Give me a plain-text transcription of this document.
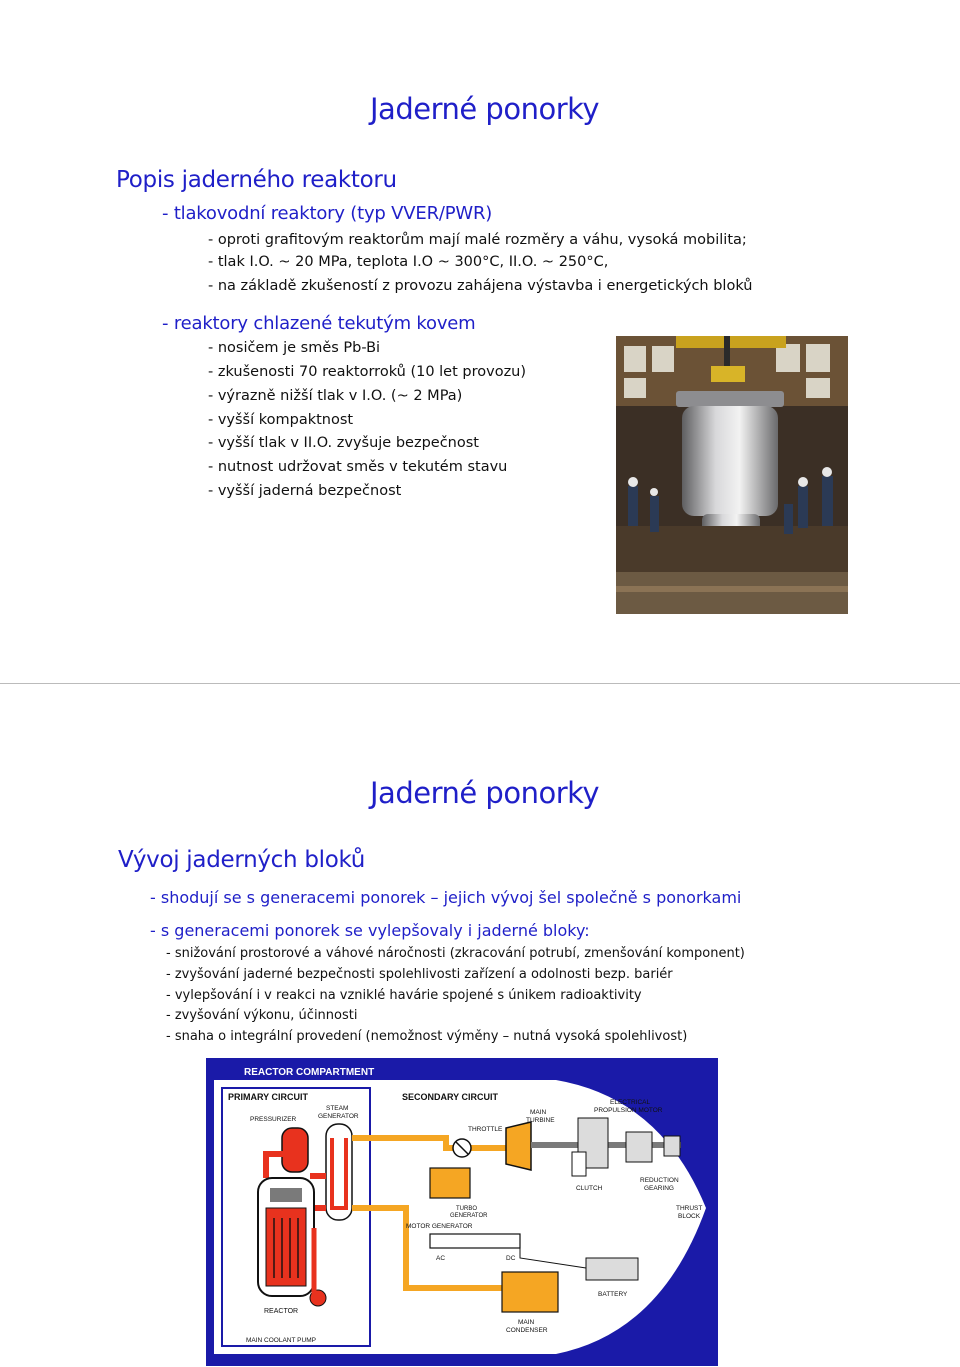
Jaderné ponorky
Popis jaderného reaktoru
- tlakovodní reaktory (typ VVER/PWR)
- oproti grafitovým reaktorům mají malé rozměry a váhu, vysoká mobilita;
- tlak I.O. ~ 20 MPa, teplota I.O ~ 300°C, II.O. ~ 250°C,
- na základě zkušeností z provozu zahájena výstavba i energetických bloků
- reaktory chlazené tekutým kovem
- nosičem je směs Pb-Bi
- zkušenosti 70 reaktorroků (10 let provozu)
- výrazně nižší tlak v I.O. (~ 2 MPa)
- vyšší kompaktnost
- vyšší tlak v II.O. zvyšuje bezpečnost
- nutnost udržovat směs v tekutém stavu
- vyšší jaderná bezpečnost
Jaderné ponorky
Vývoj jaderných bloků
- shodují se s generacemi ponorek – jejich vývoj šel společně s ponorkami
- s generacemi ponorek se vylepšovaly i jaderné bloky:
- snižování prostorové a váhové náročnosti (zkracování potrubí, zmenšování komponent)
- zvyšování jaderné bezpečnosti spolehlivosti zařízení a odolnosti bezp. bariér
- vylepšování i v reakci na vzniklé havárie spojené s únikem radioaktivity
- zvyšování výkonu, účinnosti
- snaha o integrální provedení (nemožnost výměny – nutná vysoká spolehlivost)
REACTOR COMPARTMENT
PRIMARY CIRCUIT
PRESSURIZER
STEAM
GENERATOR
REACTOR
MAIN COOLANT PUMP
SECONDARY CIRCUIT
THROTTLE
MAIN
TURBINE
TURBO
GENERATOR
MOTOR GENERATOR
AC	DC
MAIN
CONDENSER
ELECTRICAL
PROPULSION MOTOR
CLUTCH
REDUCTION
GEARING
THRUST
BLOCK
BATTERY
